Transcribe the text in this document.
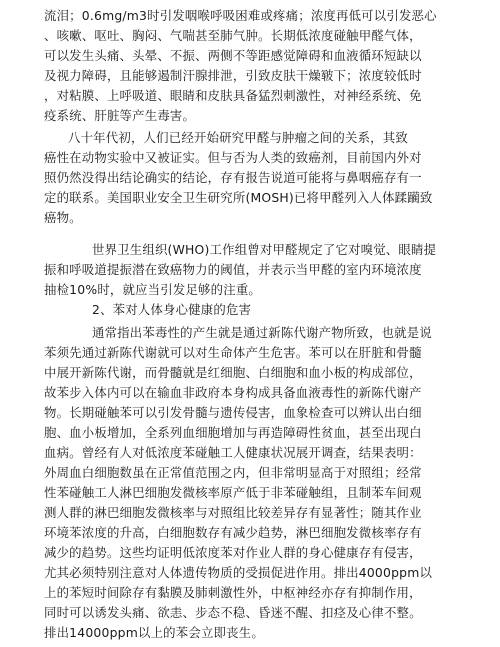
流泪；0.6mg/m3时引发咽喉呼吸困难或疼痛；浓度再低可以引发恶心
、咳嗽、呕吐、胸闷、气喘甚至肺气肿。长期低浓度碰触甲醛气体，
可以发生头痛、头晕、不振、两侧不等距感觉障碍和血液循环短缺以
及视力障碍，且能够遏制汗腺排泄，引致皮肤干燥皲下；浓度较低时
，对粘膜、上呼吸道、眼睛和皮肤具备猛烈刺激性，对神经系统、免
疫系统、肝脏等产生毒害。
八十年代初，人们已经开始研究甲醛与肿瘤之间的关系，其致
癌性在动物实验中又被证实。但与否为人类的致癌剂，目前国内外对
照仍然没得出结论确实的结论，存有报告说道可能将与鼻咽癌存有一
定的联系。美国职业安全卫生研究所(MOSH)已将甲醛列入人体蹂躏致
癌物。
世界卫生组织(WHO)工作组曾对甲醛规定了它对嗅觉、眼睛提
振和呼吸道提振潜在致癌物力的阈值，并表示当甲醛的室内环境浓度
抽检10%时，就应当引发足够的注重。
2、苯对人体身心健康的危害
通常指出苯毒性的产生就是通过新陈代谢产物所致，也就是说
苯须先通过新陈代谢就可以对生命体产生危害。苯可以在肝脏和骨髓
中展开新陈代谢，而骨髓就是红细胞、白细胞和血小板的构成部位，
故苯步入体内可以在输血非政府本身构成具备血液毒性的新陈代谢产
物。长期碰触苯可以引发骨髓与遗传侵害，血象检查可以辨认出白细
胞、血小板增加，全系列血细胞增加与再造障碍性贫血，甚至出现白
血病。曾经有人对低浓度苯碰触工人健康状况展开调查，结果表明：
外周血白细胞数虽在正常值范围之内，但非常明显高于对照组；经常
性苯碰触工人淋巴细胞发微核率原产低于非苯碰触组，且制苯车间观
测人群的淋巴细胞发微核率与对照组比较差异存有显著性；随其作业
环境苯浓度的升高，白细胞数存有减少趋势，淋巴细胞发微核率存有
减少的趋势。这些均证明低浓度苯对作业人群的身心健康存有侵害，
尤其必须特别注意对人体遗传物质的受损促进作用。排出4000ppm以
上的苯短时间除存有黏膜及肺刺激性外，中枢神经亦存有抑制作用，
同时可以诱发头痛、欲恚、步态不稳、昏迷不醒、扣痉及心律不整。
排出14000ppm以上的苯会立即丧生。
